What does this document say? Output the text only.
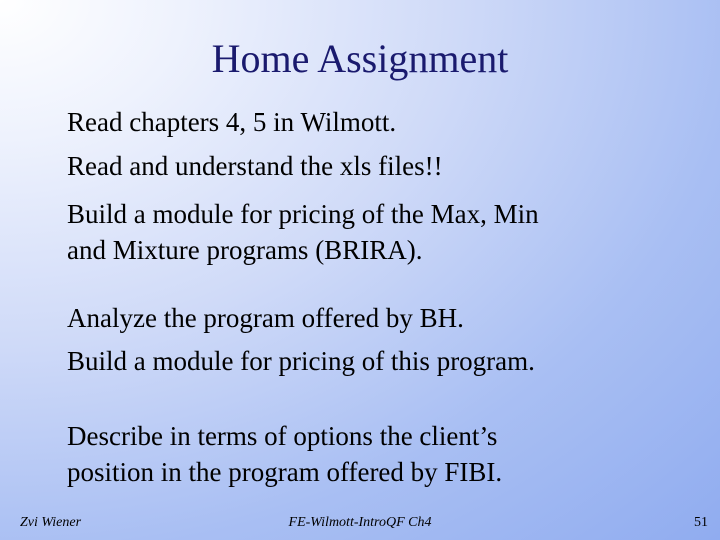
Home Assignment

Read chapters 4, 5 in Wilmott.

Read and understand the xls files!!

Build a module for pricing of the Max, Min

and Mixture programs (BRIRA).

Analyze the program offered by BH.

Build a module for pricing of this program.

Describe in terms of options the client’s

position in the program offered by FIBI.

Zvi Wiener	FE-Wilmott-IntroQF Ch4	51
